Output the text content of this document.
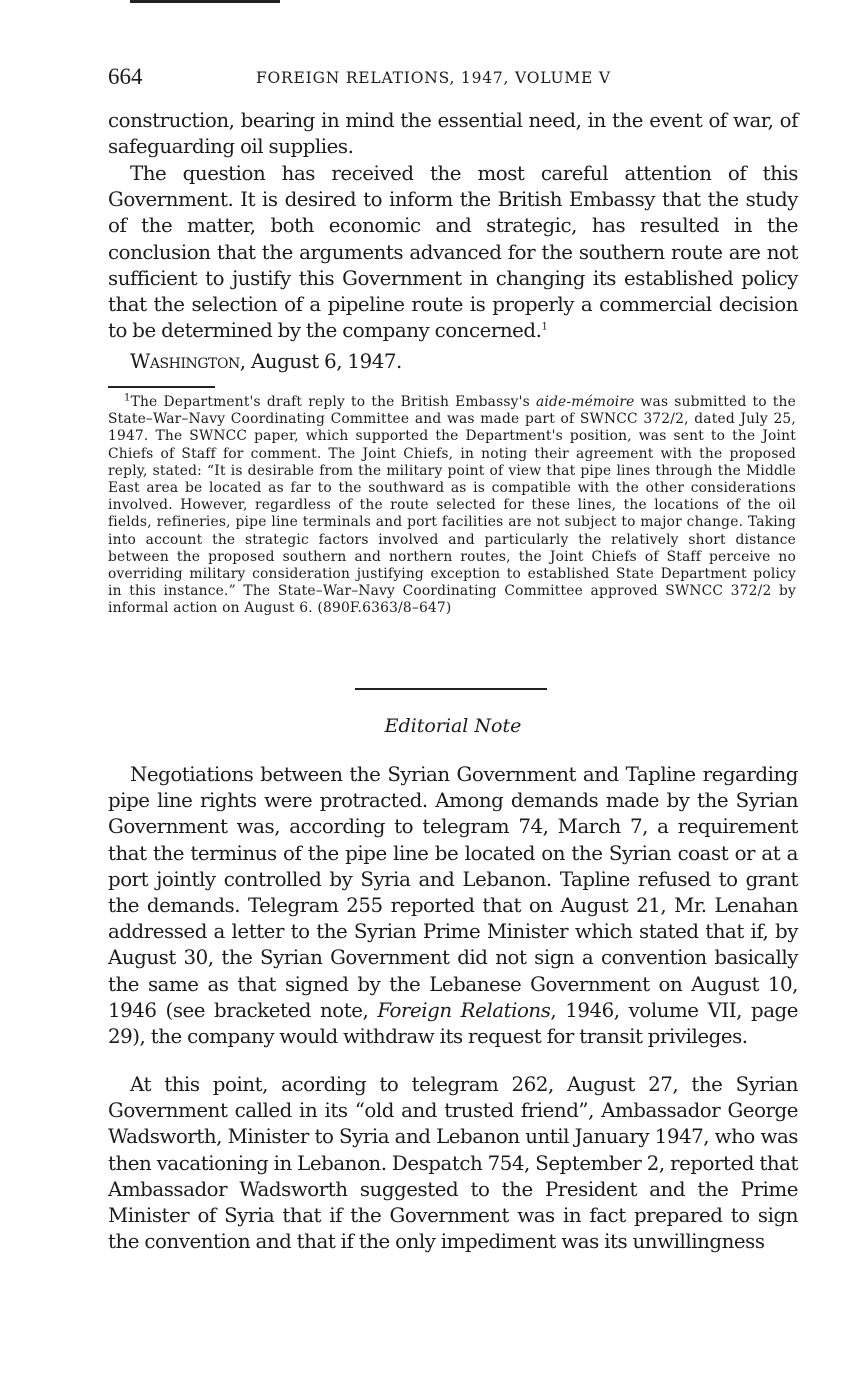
664	FOREIGN RELATIONS, 1947, VOLUME V

construction, bearing in mind the essential need, in the event of war, of safeguarding oil supplies.

The question has received the most careful attention of this Government. It is desired to inform the British Embassy that the study of the matter, both economic and strategic, has resulted in the conclusion that the arguments advanced for the southern route are not sufficient to justify this Government in changing its established policy that the selection of a pipeline route is properly a commercial decision to be determined by the company concerned.$^1$

Washington, August 6, 1947.

$^1$The Department's draft reply to the British Embassy's aide-mémoire was submitted to the State–War–Navy Coordinating Committee and was made part of SWNCC 372/2, dated July 25, 1947. The SWNCC paper, which supported the Department's position, was sent to the Joint Chiefs of Staff for comment. The Joint Chiefs, in noting their agreement with the proposed reply, stated: “It is desirable from the military point of view that pipe lines through the Middle East area be located as far to the southward as is compatible with the other considerations involved. However, regardless of the route selected for these lines, the locations of the oil fields, refineries, pipe line terminals and port facilities are not subject to major change. Taking into account the strategic factors involved and particularly the relatively short distance between the proposed southern and northern routes, the Joint Chiefs of Staff perceive no overriding military consideration justifying exception to established State Department policy in this instance.” The State–War–Navy Coordinating Committee approved SWNCC 372/2 by informal action on August 6. (890F.6363/8–647)

Editorial Note

Negotiations between the Syrian Government and Tapline regarding pipe line rights were protracted. Among demands made by the Syrian Government was, according to telegram 74, March 7, a requirement that the terminus of the pipe line be located on the Syrian coast or at a port jointly controlled by Syria and Lebanon. Tapline refused to grant the demands. Telegram 255 reported that on August 21, Mr. Lenahan addressed a letter to the Syrian Prime Minister which stated that if, by August 30, the Syrian Government did not sign a convention basically the same as that signed by the Lebanese Government on August 10, 1946 (see bracketed note, Foreign Relations, 1946, volume VII, page 29), the company would withdraw its request for transit privileges.

At this point, acording to telegram 262, August 27, the Syrian Government called in its “old and trusted friend”, Ambassador George Wadsworth, Minister to Syria and Lebanon until January 1947, who was then vacationing in Lebanon. Despatch 754, September 2, reported that Ambassador Wadsworth suggested to the President and the Prime Minister of Syria that if the Government was in fact prepared to sign the convention and that if the only impediment was its unwillingness
